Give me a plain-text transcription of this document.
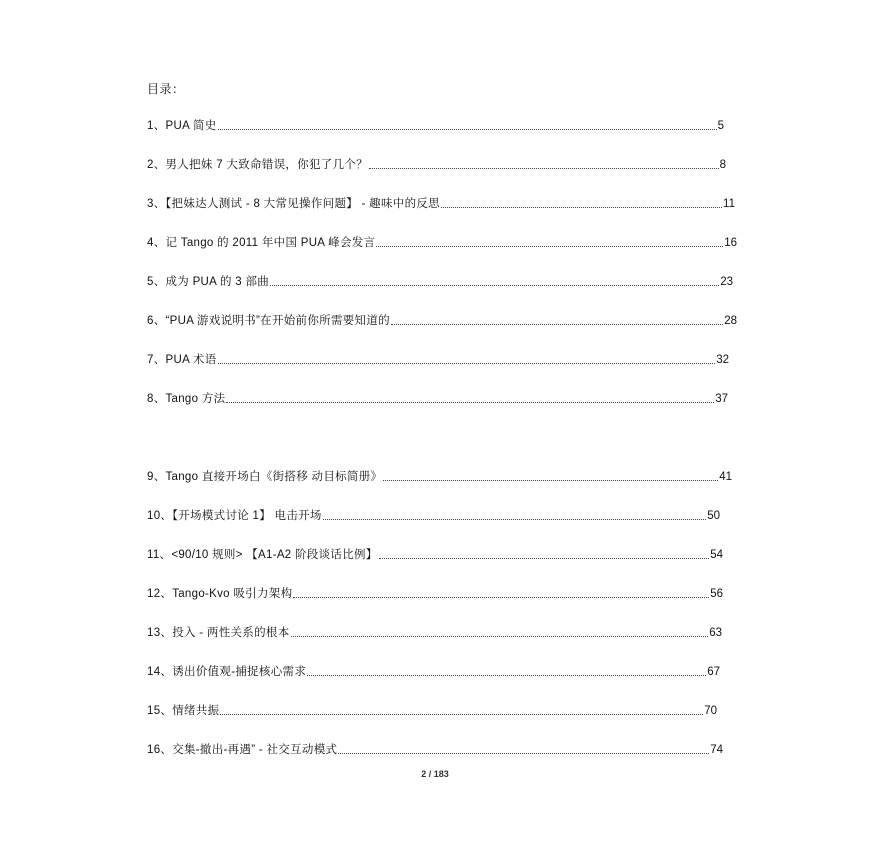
目录：
1、PUA 简史	5
2、男人把妹 7 大致命错误，你犯了几个？	8
3、【把妹达人测试 - 8 大常见操作问题】 - 趣味中的反思	11
4、记 Tango 的 2011 年中国 PUA 峰会发言	16
5、成为 PUA 的 3 部曲	23
6、“PUA 游戏说明书”在开始前你所需要知道的	28
7、PUA 术语	32
8、Tango 方法	37
9、Tango 直接开场白《街搭移 动目标简册》	41
10、【开场模式讨论 1】 电击开场	50
11、<90/10 规则> 【A1-A2 阶段谈话比例】	54
12、Tango-Kvo 吸引力架构	56
13、投入 - 两性关系的根本	63
14、诱出价值观-捕捉核心需求	67
15、情绪共振	70
16、交集-撤出-再遇” - 社交互动模式	74
2 / 183
